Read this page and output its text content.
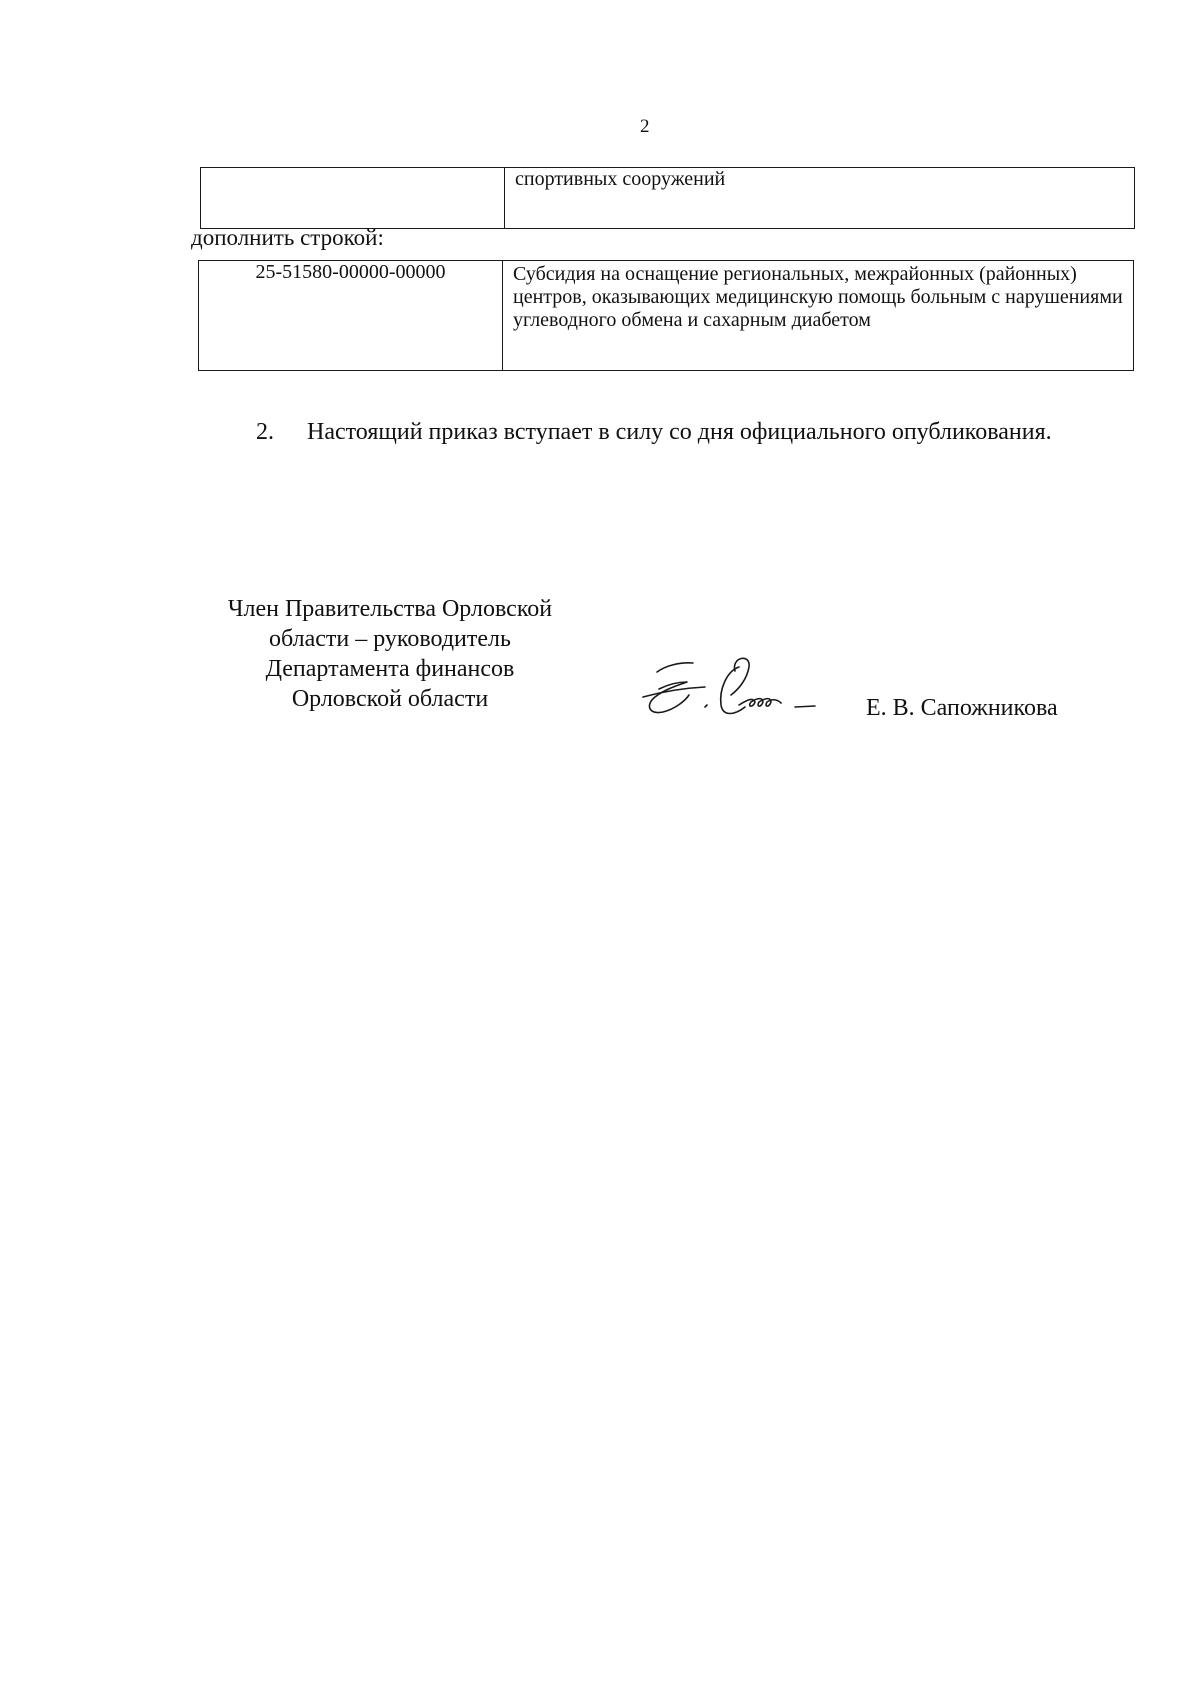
2
	спортивных сооружений
дополнить строкой:
25-51580-00000-00000	Субсидия на оснащение региональных, межрайонных (районных) центров, оказывающих медицинскую помощь больным с нарушениями углеводного обмена и сахарным диабетом
2. Настоящий приказ вступает в силу со дня официального опубликования.
Член Правительства Орловской
области – руководитель
Департамента финансов
Орловской области	Е. В. Сапожникова
